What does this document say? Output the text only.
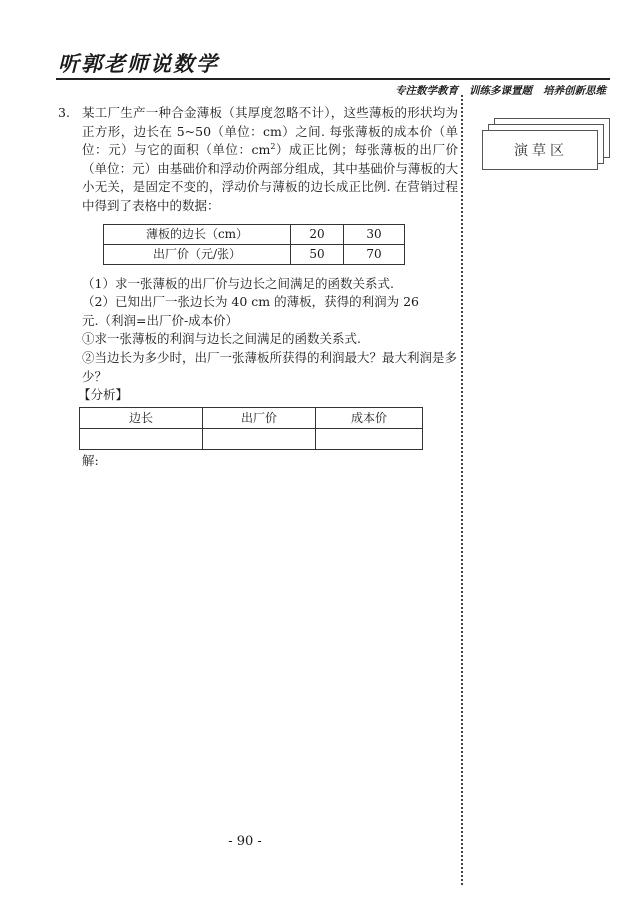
听郭老师说数学
专注数学教育   训练多课置题   培养创新思维
演草区
3. 某工厂生产一种合金薄板（其厚度忽略不计），这些薄板的形状均为正方形，边长在 5~50（单位：cm）之间. 每张薄板的成本价（单位：元）与它的面积（单位：$cm^2$）成正比例；每张薄板的出厂价（单位：元）由基础价和浮动价两部分组成，其中基础价与薄板的大小无关，是固定不变的，浮动价与薄板的边长成正比例. 在营销过程中得到了表格中的数据：
薄板的边长（cm）	20	30
出厂价（元/张）	50	70
（1）求一张薄板的出厂价与边长之间满足的函数关系式.
（2）已知出厂一张边长为 40 cm 的薄板，获得的利润为 26
元.（利润=出厂价-成本价）
①求一张薄板的利润与边长之间满足的函数关系式.
②当边长为多少时，出厂一张薄板所获得的利润最大？最大利润是多少？
【分析】
边长	出厂价	成本价

解:
- 90 -
